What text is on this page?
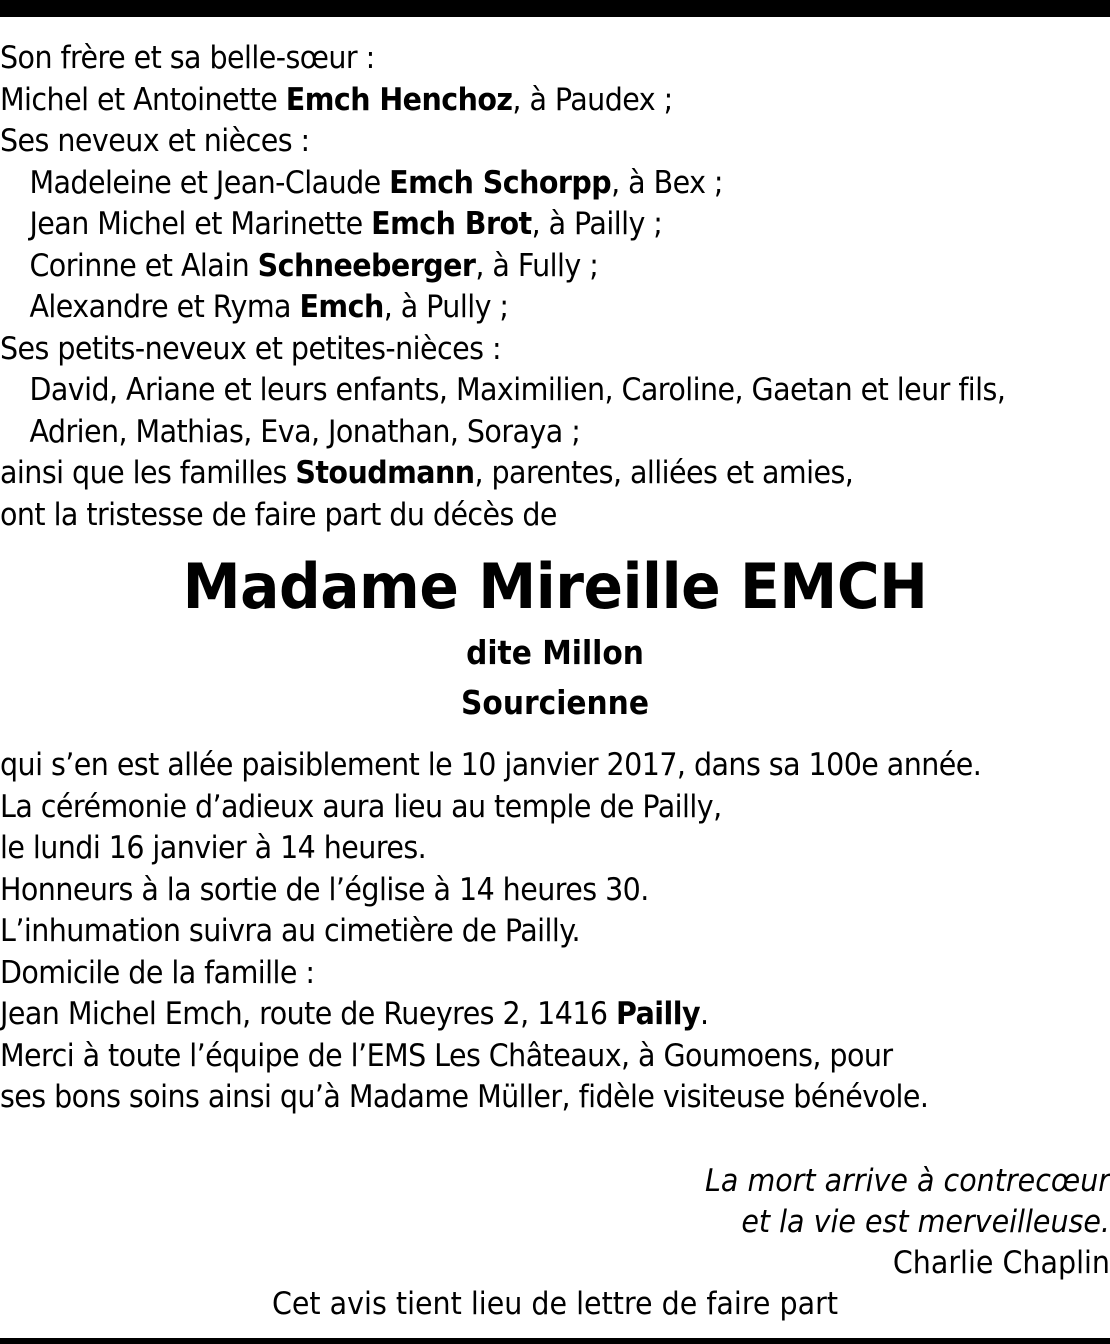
Son frère et sa belle-sœur :
Michel et Antoinette Emch Henchoz, à Paudex ;
Ses neveux et nièces :
Madeleine et Jean-Claude Emch Schorpp, à Bex ;
Jean Michel et Marinette Emch Brot, à Pailly ;
Corinne et Alain Schneeberger, à Fully ;
Alexandre et Ryma Emch, à Pully ;
Ses petits-neveux et petites-nièces :
David, Ariane et leurs enfants, Maximilien, Caroline, Gaetan et leur fils,
Adrien, Mathias, Eva, Jonathan, Soraya ;
ainsi que les familles Stoudmann, parentes, alliées et amies,
ont la tristesse de faire part du décès de
Madame Mireille EMCH
dite Millon
Sourcienne
qui s’en est allée paisiblement le 10 janvier 2017, dans sa 100e année.
La cérémonie d’adieux aura lieu au temple de Pailly,
le lundi 16 janvier à 14 heures.
Honneurs à la sortie de l’église à 14 heures 30.
L’inhumation suivra au cimetière de Pailly.
Domicile de la famille :
Jean Michel Emch, route de Rueyres 2, 1416 Pailly.
Merci à toute l’équipe de l’EMS Les Châteaux, à Goumoens, pour
ses bons soins ainsi qu’à Madame Müller, fidèle visiteuse bénévole.
La mort arrive à contrecœur
et la vie est merveilleuse.
Charlie Chaplin
Cet avis tient lieu de lettre de faire part
